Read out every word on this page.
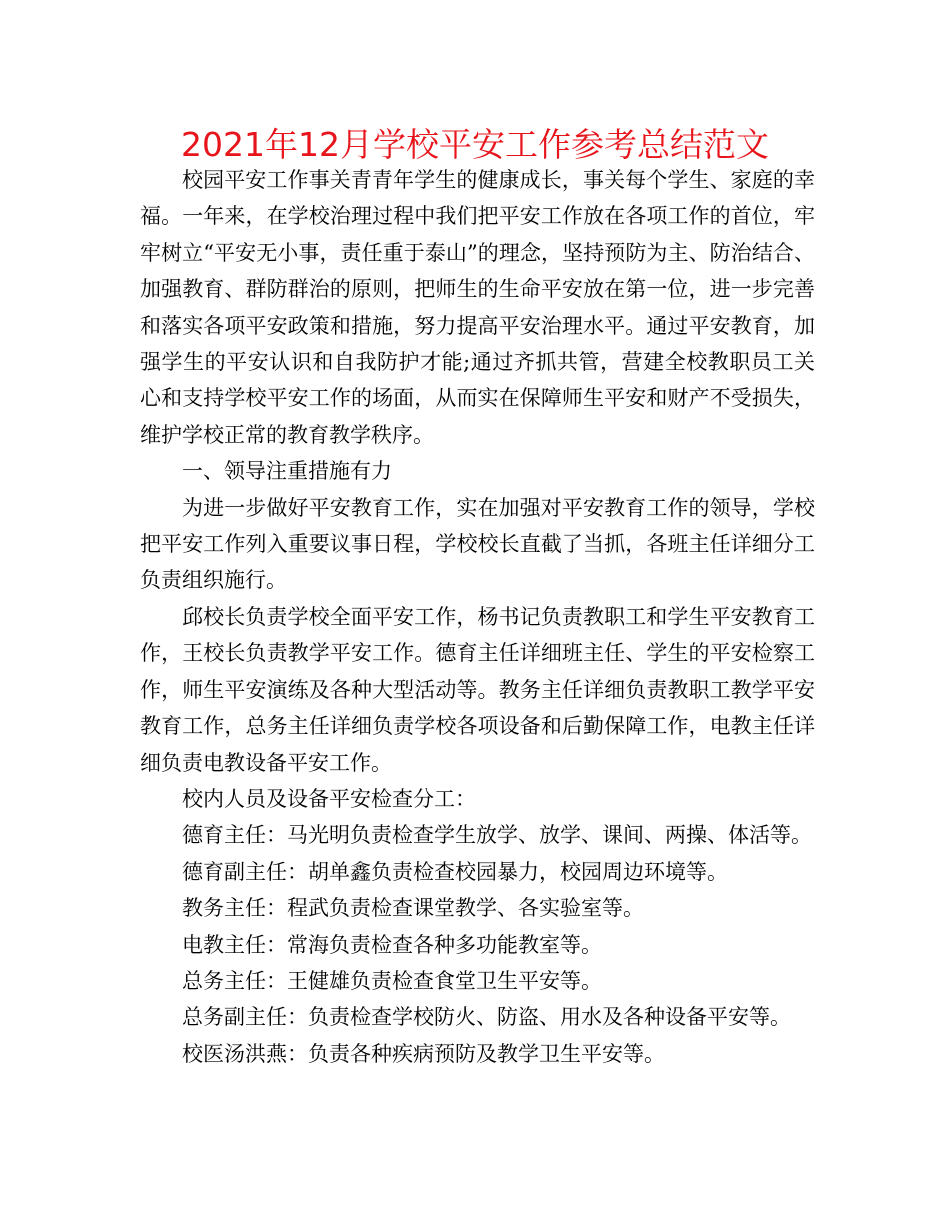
2021年12月学校平安工作参考总结范文

校园平安工作事关青青年学生的健康成长，事关每个学生、家庭的幸福。一年来，在学校治理过程中我们把平安工作放在各项工作的首位，牢牢树立“平安无小事，责任重于泰山”的理念，坚持预防为主、防治结合、加强教育、群防群治的原则，把师生的生命平安放在第一位，进一步完善和落实各项平安政策和措施，努力提高平安治理水平。通过平安教育，加强学生的平安认识和自我防护才能;通过齐抓共管，营建全校教职员工关心和支持学校平安工作的场面，从而实在保障师生平安和财产不受损失，维护学校正常的教育教学秩序。

一、领导注重措施有力

为进一步做好平安教育工作，实在加强对平安教育工作的领导，学校把平安工作列入重要议事日程，学校校长直截了当抓，各班主任详细分工负责组织施行。

邱校长负责学校全面平安工作，杨书记负责教职工和学生平安教育工作，王校长负责教学平安工作。德育主任详细班主任、学生的平安检察工作，师生平安演练及各种大型活动等。教务主任详细负责教职工教学平安教育工作，总务主任详细负责学校各项设备和后勤保障工作，电教主任详细负责电教设备平安工作。

校内人员及设备平安检查分工：

德育主任：马光明负责检查学生放学、放学、课间、两操、体活等。

德育副主任：胡单鑫负责检查校园暴力，校园周边环境等。

教务主任：程武负责检查课堂教学、各实验室等。

电教主任：常海负责检查各种多功能教室等。

总务主任：王健雄负责检查食堂卫生平安等。

总务副主任：负责检查学校防火、防盗、用水及各种设备平安等。

校医汤洪燕：负责各种疾病预防及教学卫生平安等。
